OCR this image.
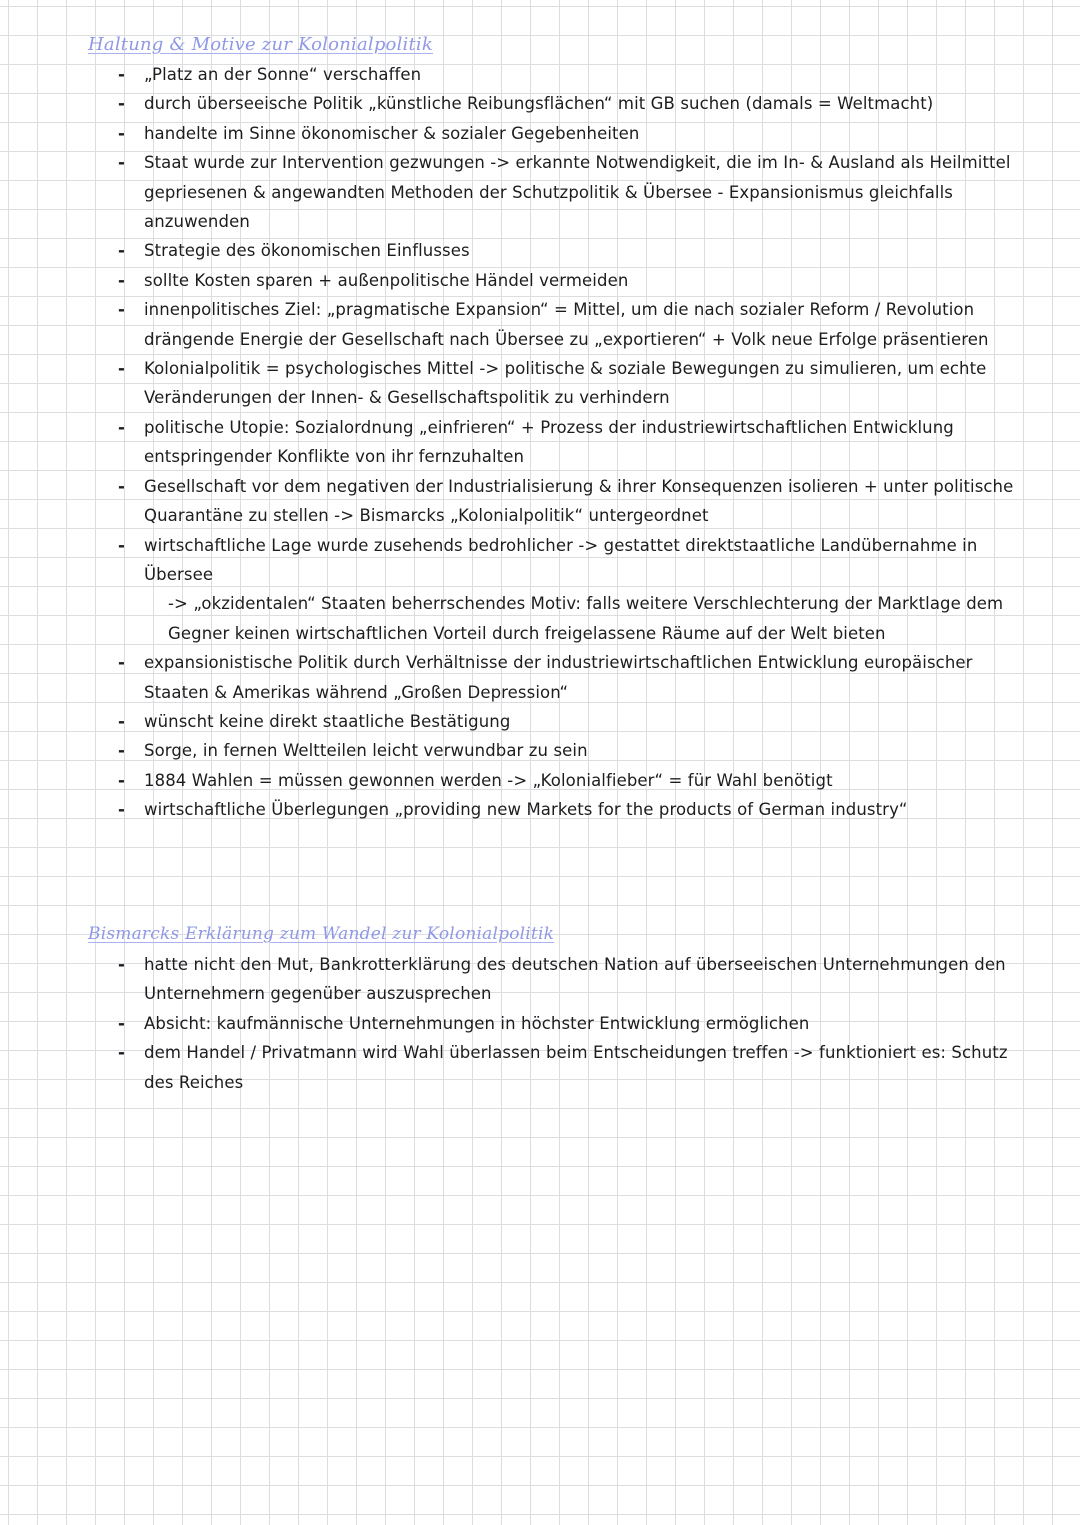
Haltung & Motive zur Kolonialpolitik
- „Platz an der Sonne“ verschaffen
- durch überseeische Politik „künstliche Reibungsflächen“ mit GB suchen (damals = Weltmacht)
- handelte im Sinne ökonomischer & sozialer Gegebenheiten
- Staat wurde zur Intervention gezwungen -> erkannte Notwendigkeit, die im In- & Ausland als Heilmittel gepriesenen & angewandten Methoden der Schutzpolitik & Übersee - Expansionismus gleichfalls anzuwenden
- Strategie des ökonomischen Einflusses
- sollte Kosten sparen + außenpolitische Händel vermeiden
- innenpolitisches Ziel: „pragmatische Expansion“ = Mittel, um die nach sozialer Reform / Revolution drängende Energie der Gesellschaft nach Übersee zu „exportieren“ + Volk neue Erfolge präsentieren
- Kolonialpolitik = psychologisches Mittel -> politische & soziale Bewegungen zu simulieren, um echte Veränderungen der Innen- & Gesellschaftspolitik zu verhindern
- politische Utopie: Sozialordnung „einfrieren“ + Prozess der industriewirtschaftlichen Entwicklung entspringender Konflikte von ihr fernzuhalten
- Gesellschaft vor dem negativen der Industrialisierung & ihrer Konsequenzen isolieren + unter politische Quarantäne zu stellen -> Bismarcks „Kolonialpolitik“ untergeordnet
- wirtschaftliche Lage wurde zusehends bedrohlicher -> gestattet direktstaatliche Landübernahme in Übersee
-> „okzidentalen“ Staaten beherrschendes Motiv: falls weitere Verschlechterung der Marktlage dem Gegner keinen wirtschaftlichen Vorteil durch freigelassene Räume auf der Welt bieten
- expansionistische Politik durch Verhältnisse der industriewirtschaftlichen Entwicklung europäischer Staaten & Amerikas während „Großen Depression“
- wünscht keine direkt staatliche Bestätigung
- Sorge, in fernen Weltteilen leicht verwundbar zu sein
- 1884 Wahlen = müssen gewonnen werden -> „Kolonialfieber“ = für Wahl benötigt
- wirtschaftliche Überlegungen „providing new Markets for the products of German industry“
Bismarcks Erklärung zum Wandel zur Kolonialpolitik
- hatte nicht den Mut, Bankrotterklärung des deutschen Nation auf überseeischen Unternehmungen den Unternehmern gegenüber auszusprechen
- Absicht: kaufmännische Unternehmungen in höchster Entwicklung ermöglichen
- dem Handel / Privatmann wird Wahl überlassen beim Entscheidungen treffen -> funktioniert es: Schutz des Reiches
